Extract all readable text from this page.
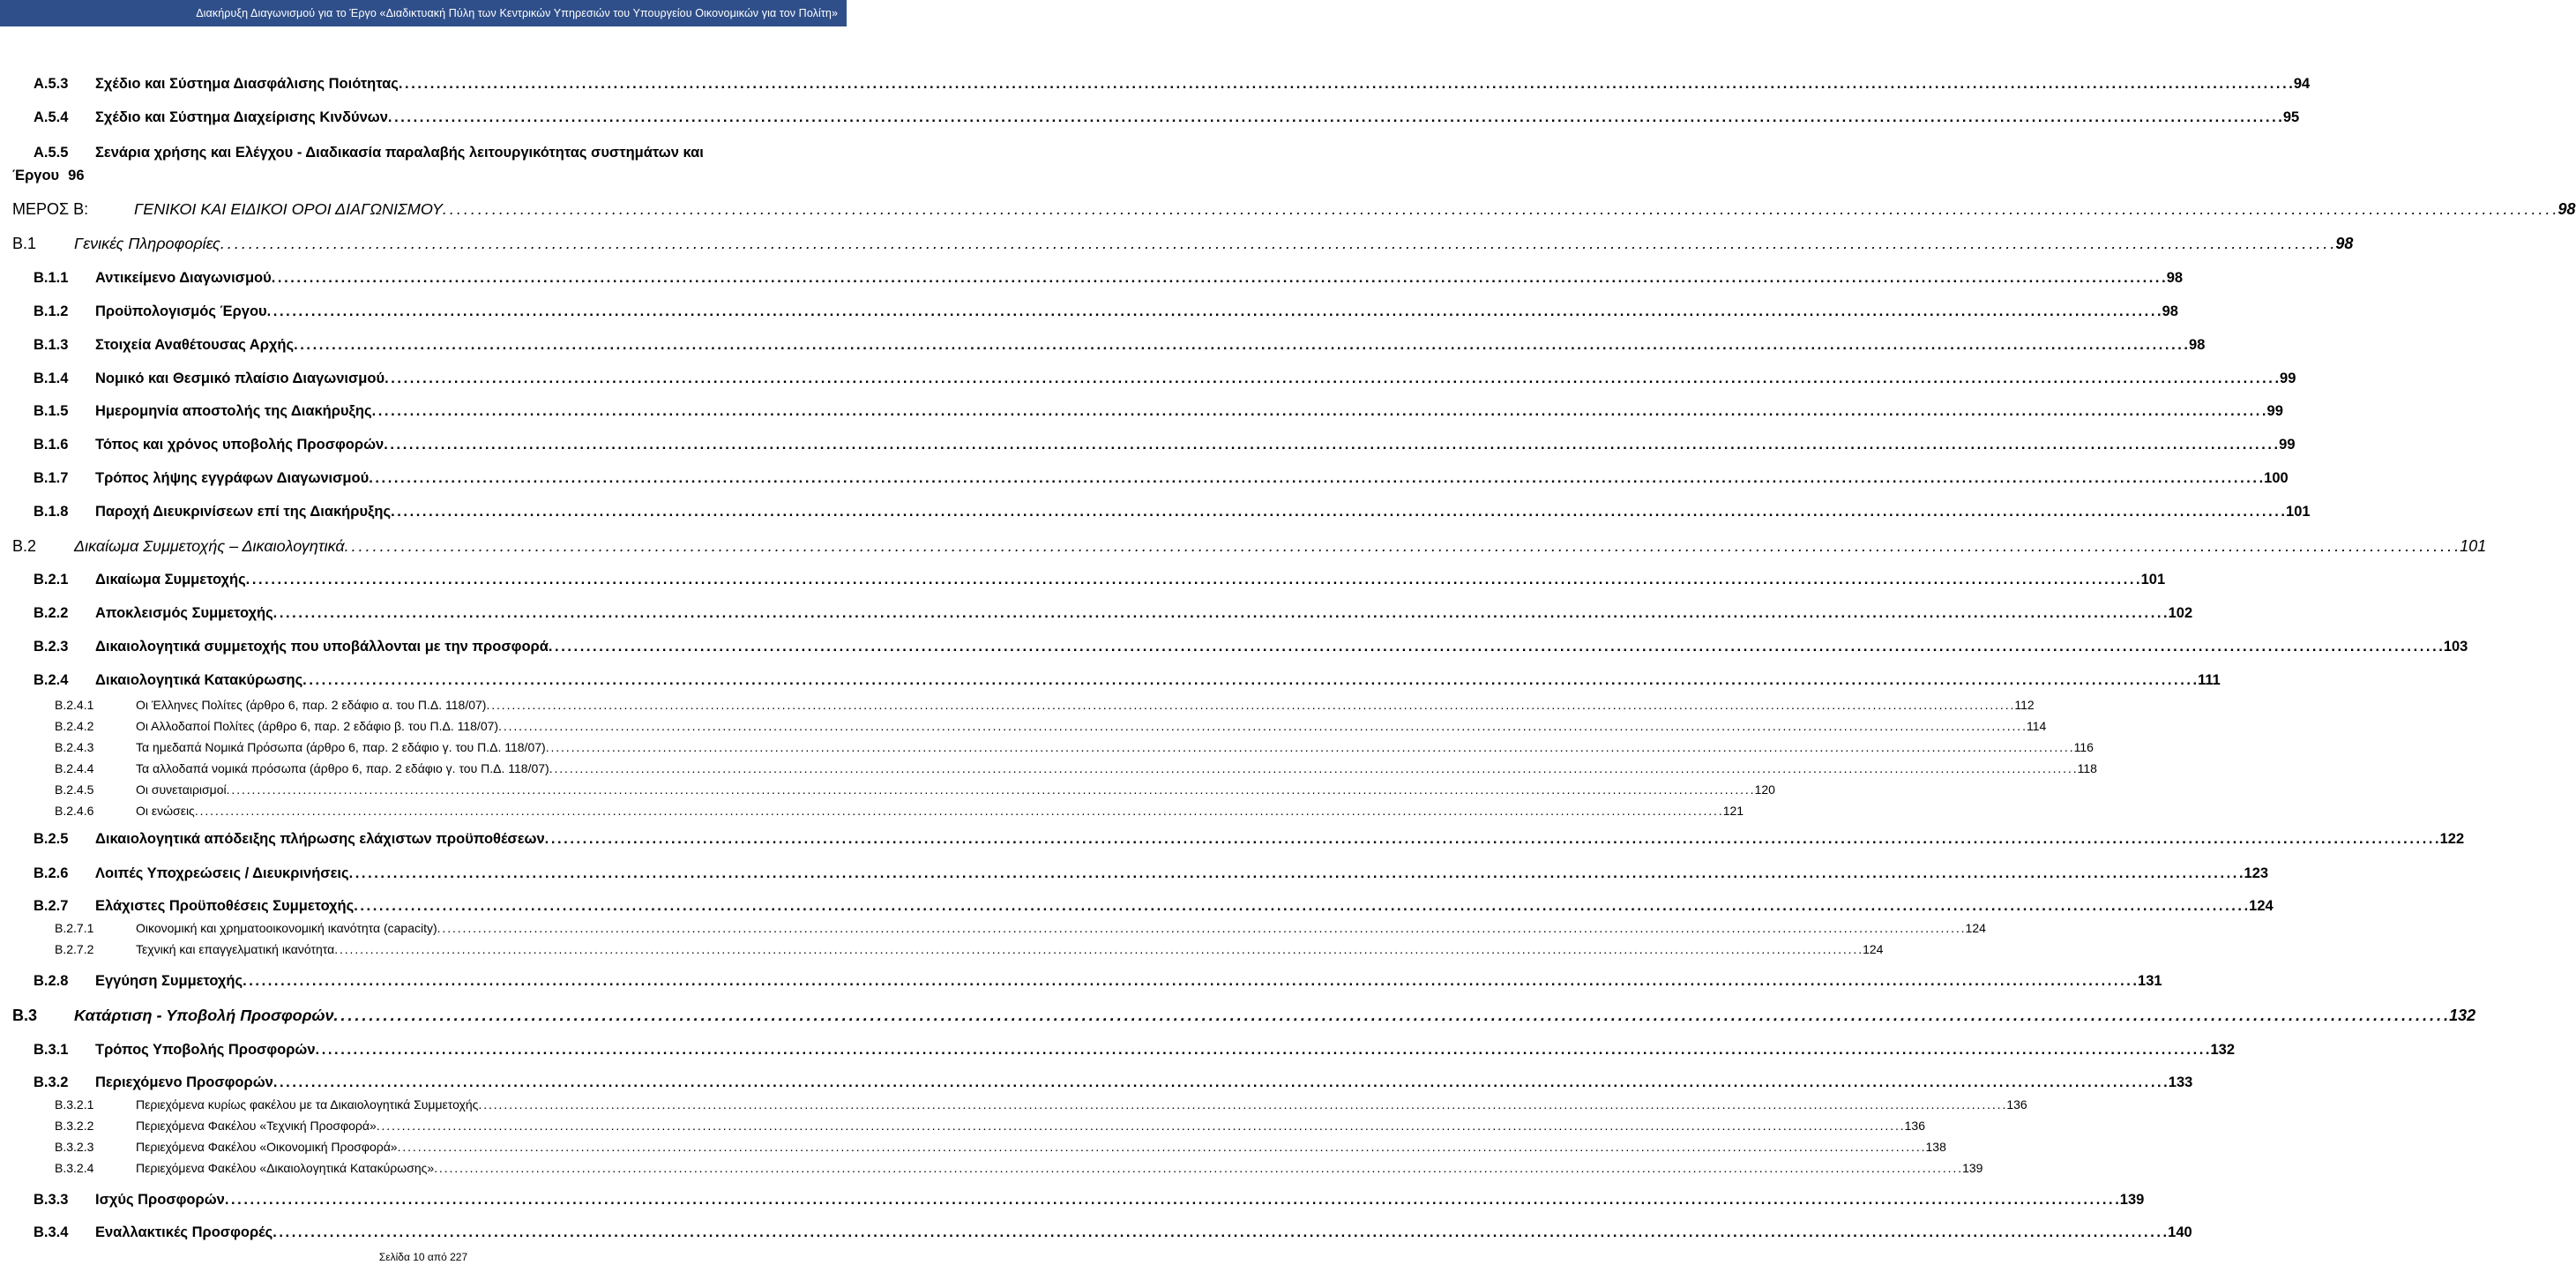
Διακήρυξη Διαγωνισμού για το Έργο «Διαδικτυακή Πύλη των Κεντρικών Υπηρεσιών του Υπουργείου Οικονομικών για τον Πολίτη»
Α.5.3	Σχέδιο και Σύστημα Διασφάλισης Ποιότητας . . .	94
Α.5.4	Σχέδιο και Σύστημα Διαχείρισης Κινδύνων . . .	95
Α.5.5	Σενάρια χρήσης και Ελέγχου - Διαδικασία παραλαβής λειτουργικότητας συστημάτων και
Έργου 96
ΜΕΡΟΣ Β:	ΓΕΝΙΚΟΙ ΚΑΙ ΕΙΔΙΚΟΙ ΟΡΟΙ ΔΙΑΓΩΝΙΣΜΟΥ . . .	98
Β.1	Γενικές Πληροφορίες . . .	98
Β.1.1	Αντικείμενο Διαγωνισμού . . .	98
Β.1.2	Προϋπολογισμός Έργου . . .	98
Β.1.3	Στοιχεία Αναθέτουσας Αρχής . . .	98
Β.1.4	Νομικό και Θεσμικό πλαίσιο Διαγωνισμού . . .	99
Β.1.5	Ημερομηνία αποστολής της Διακήρυξης . . .	99
Β.1.6	Τόπος και χρόνος υποβολής Προσφορών . . .	99
Β.1.7	Τρόπος λήψης εγγράφων Διαγωνισμού . . .	100
Β.1.8	Παροχή Διευκρινίσεων επί της Διακήρυξης . . .	101
Β.2	Δικαίωμα Συμμετοχής – Δικαιολογητικά . . .	101
Β.2.1	Δικαίωμα Συμμετοχής . . .	101
Β.2.2	Αποκλεισμός Συμμετοχής . . .	102
Β.2.3	Δικαιολογητικά συμμετοχής που υποβάλλονται με την προσφορά . . .	103
Β.2.4	Δικαιολογητικά Κατακύρωσης . . .	111
Β.2.4.1	Οι Έλληνες Πολίτες (άρθρο 6, παρ. 2 εδάφιο α. του Π.Δ. 118/07) . . .	112
Β.2.4.2	Οι Αλλοδαποί Πολίτες (άρθρο 6, παρ. 2 εδάφιο β. του Π.Δ. 118/07) . . .	114
Β.2.4.3	Τα ημεδαπά Νομικά Πρόσωπα (άρθρο 6, παρ. 2 εδάφιο γ. του Π.Δ. 118/07) . . .	116
Β.2.4.4	Τα αλλοδαπά νομικά πρόσωπα (άρθρο 6, παρ. 2 εδάφιο γ. του Π.Δ. 118/07) . . .	118
Β.2.4.5	Οι συνεταιρισμοί . . .	120
Β.2.4.6	Οι ενώσεις . . .	121
Β.2.5	Δικαιολογητικά απόδειξης πλήρωσης ελάχιστων προϋποθέσεων . . .	122
Β.2.6	Λοιπές Υποχρεώσεις / Διευκρινήσεις . . .	123
Β.2.7	Ελάχιστες Προϋποθέσεις Συμμετοχής . . .	124
Β.2.7.1	Οικονομική και χρηματοοικονομική ικανότητα (capacity) . . .	124
Β.2.7.2	Τεχνική και επαγγελματική ικανότητα . . .	124
Β.2.8	Εγγύηση Συμμετοχής . . .	131
Β.3	Κατάρτιση - Υποβολή Προσφορών . . .	132
Β.3.1	Τρόπος Υποβολής Προσφορών . . .	132
Β.3.2	Περιεχόμενο Προσφορών . . .	133
Β.3.2.1	Περιεχόμενα κυρίως φακέλου με τα Δικαιολογητικά Συμμετοχής . . .	136
Β.3.2.2	Περιεχόμενα Φακέλου «Τεχνική Προσφορά» . . .	136
Β.3.2.3	Περιεχόμενα Φακέλου «Οικονομική Προσφορά» . . .	138
Β.3.2.4	Περιεχόμενα Φακέλου «Δικαιολογητικά Κατακύρωσης» . . .	139
Β.3.3	Ισχύς Προσφορών . . .	139
Β.3.4	Εναλλακτικές Προσφορές . . .	140
Σελίδα 10 από 227
